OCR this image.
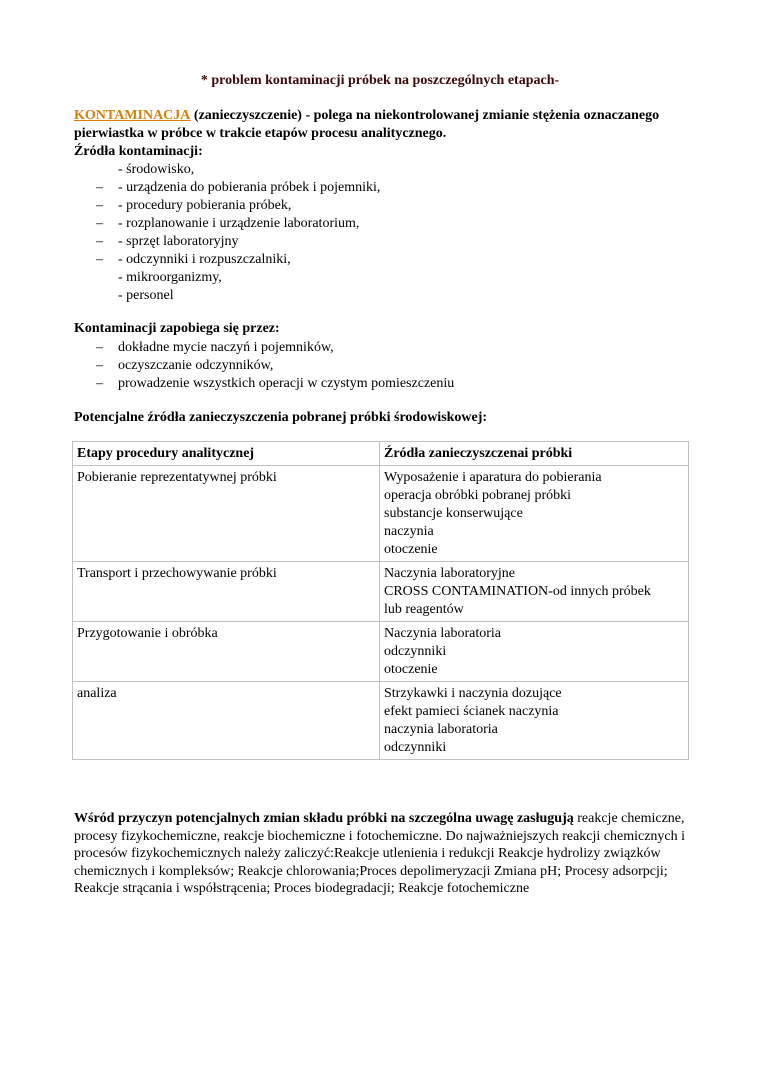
* problem kontaminacji próbek na poszczególnych etapach-
KONTAMINACJA (zanieczyszczenie) - polega na niekontrolowanej zmianie stężenia oznaczanego pierwiastka w próbce w trakcie etapów procesu analitycznego.
Źródła kontaminacji:
- środowisko,
– - urządzenia do pobierania próbek i pojemniki,
– - procedury pobierania próbek,
– - rozplanowanie i urządzenie laboratorium,
– - sprzęt laboratoryjny
– - odczynniki i rozpuszczalniki,
- mikroorganizmy,
- personel
Kontaminacji zapobiega się przez:
– dokładne mycie naczyń i pojemników,
– oczyszczanie odczynników,
– prowadzenie wszystkich operacji w czystym pomieszczeniu
Potencjalne źródła zanieczyszczenia pobranej próbki środowiskowej:
Etapy procedury analitycznej	Źródła zanieczyszczenai próbki
Pobieranie reprezentatywnej próbki	Wyposażenie i aparatura do pobierania
operacja obróbki pobranej próbki
substancje konserwujące
naczynia
otoczenie

Transport i przechowywanie próbki	Naczynia laboratoryjne
CROSS CONTAMINATION-od innych próbek
lub reagentów

Przygotowanie i obróbka	Naczynia laboratoria
odczynniki
otoczenie

analiza	Strzykawki i naczynia dozujące
efekt pamieci ścianek naczynia
naczynia laboratoria
odczynniki
Wśród przyczyn potencjalnych zmian składu próbki na szczególna uwagę zasługują reakcje chemiczne, procesy fizykochemiczne, reakcje biochemiczne i fotochemiczne. Do najważniejszych reakcji chemicznych i procesów fizykochemicznych należy zaliczyć:Reakcje utlenienia i redukcji Reakcje hydrolizy związków chemicznych i kompleksów; Reakcje chlorowania;Proces depolimeryzacji Zmiana pH; Procesy adsorpcji; Reakcje strącania i współstrącenia; Proces biodegradacji; Reakcje fotochemiczne
